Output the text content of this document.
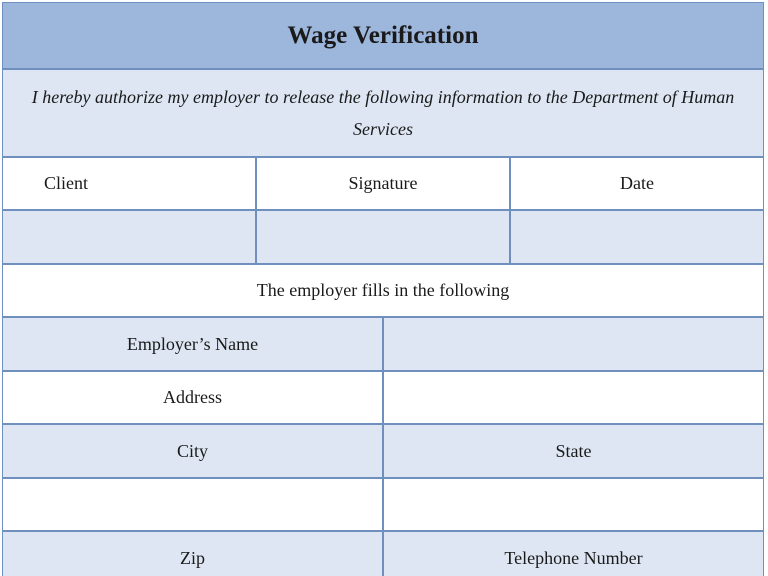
Wage Verification
I hereby authorize my employer to release the following information to the Department of Human Services
Client	Signature	Date
The employer fills in the following
Employer’s Name
Address
City	State
Zip	Telephone Number
